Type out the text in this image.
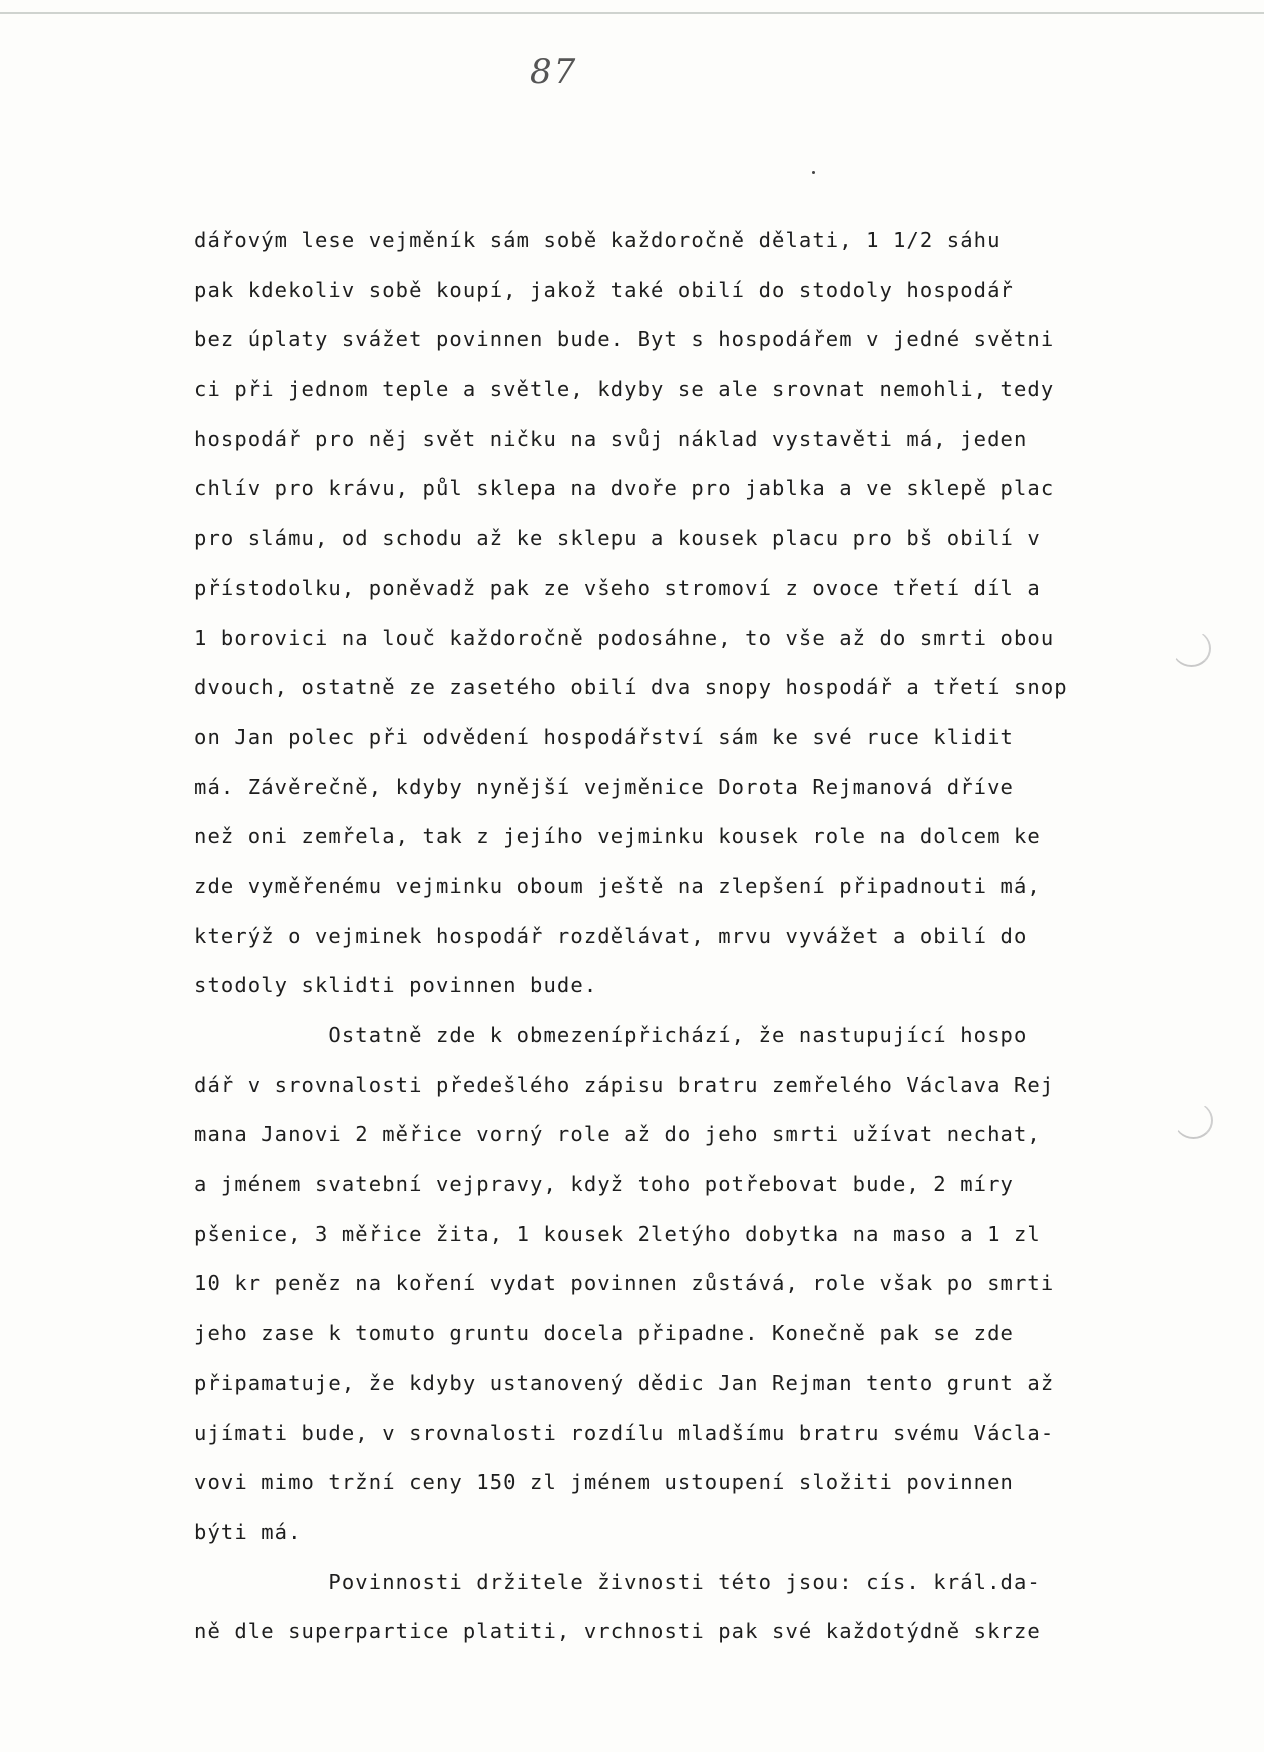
87
dářovým lese vejměník sám sobě každoročně dělati, 1 1/2 sáhu
pak kdekoliv sobě koupí, jakož také obilí do stodoly hospodář
bez úplaty svážet povinnen bude. Byt s hospodářem v jedné světni
ci při jednom teple a světle, kdyby se ale srovnat nemohli, tedy
hospodář pro něj svět ničku na svůj náklad vystavěti má, jeden
chlív pro krávu, půl sklepa na dvoře pro jablka a ve sklepě plac
pro slámu, od schodu až ke sklepu a kousek placu pro bš obilí v
přístodolku, poněvadž pak ze všeho stromoví z ovoce třetí díl a
1 borovici na louč každoročně podosáhne, to vše až do smrti obou
dvouch, ostatně ze zasetého obilí dva snopy hospodář a třetí snop
on Jan polec při odvědení hospodářství sám ke své ruce klidit
má. Závěrečně, kdyby nynější vejměnice Dorota Rejmanová dříve
než oni zemřela, tak z jejího vejminku kousek role na dolcem ke
zde vyměřenému vejminku oboum ještě na zlepšení připadnouti má,
kterýž o vejminek hospodář rozdělávat, mrvu vyvážet a obilí do
stodoly sklidti povinnen bude.
Ostatně zde k obmezenípřichází, že nastupující hospo
dář v srovnalosti předešlého zápisu bratru zemřelého Václava Rej
mana Janovi 2 měřice vorný role až do jeho smrti užívat nechat,
a jménem svatební vejpravy, když toho potřebovat bude, 2 míry
pšenice, 3 měřice žita, 1 kousek 2letýho dobytka na maso a 1 zl
10 kr peněz na koření vydat povinnen zůstává, role však po smrti
jeho zase k tomuto gruntu docela připadne. Konečně pak se zde
připamatuje, že kdyby ustanovený dědic Jan Rejman tento grunt až
ujímati bude, v srovnalosti rozdílu mladšímu bratru svému Václa-
vovi mimo tržní ceny 150 zl jménem ustoupení složiti povinnen
býti má.
Povinnosti držitele živnosti této jsou: cís. král.da-
ně dle superpartice platiti, vrchnosti pak své každotýdně skrze
